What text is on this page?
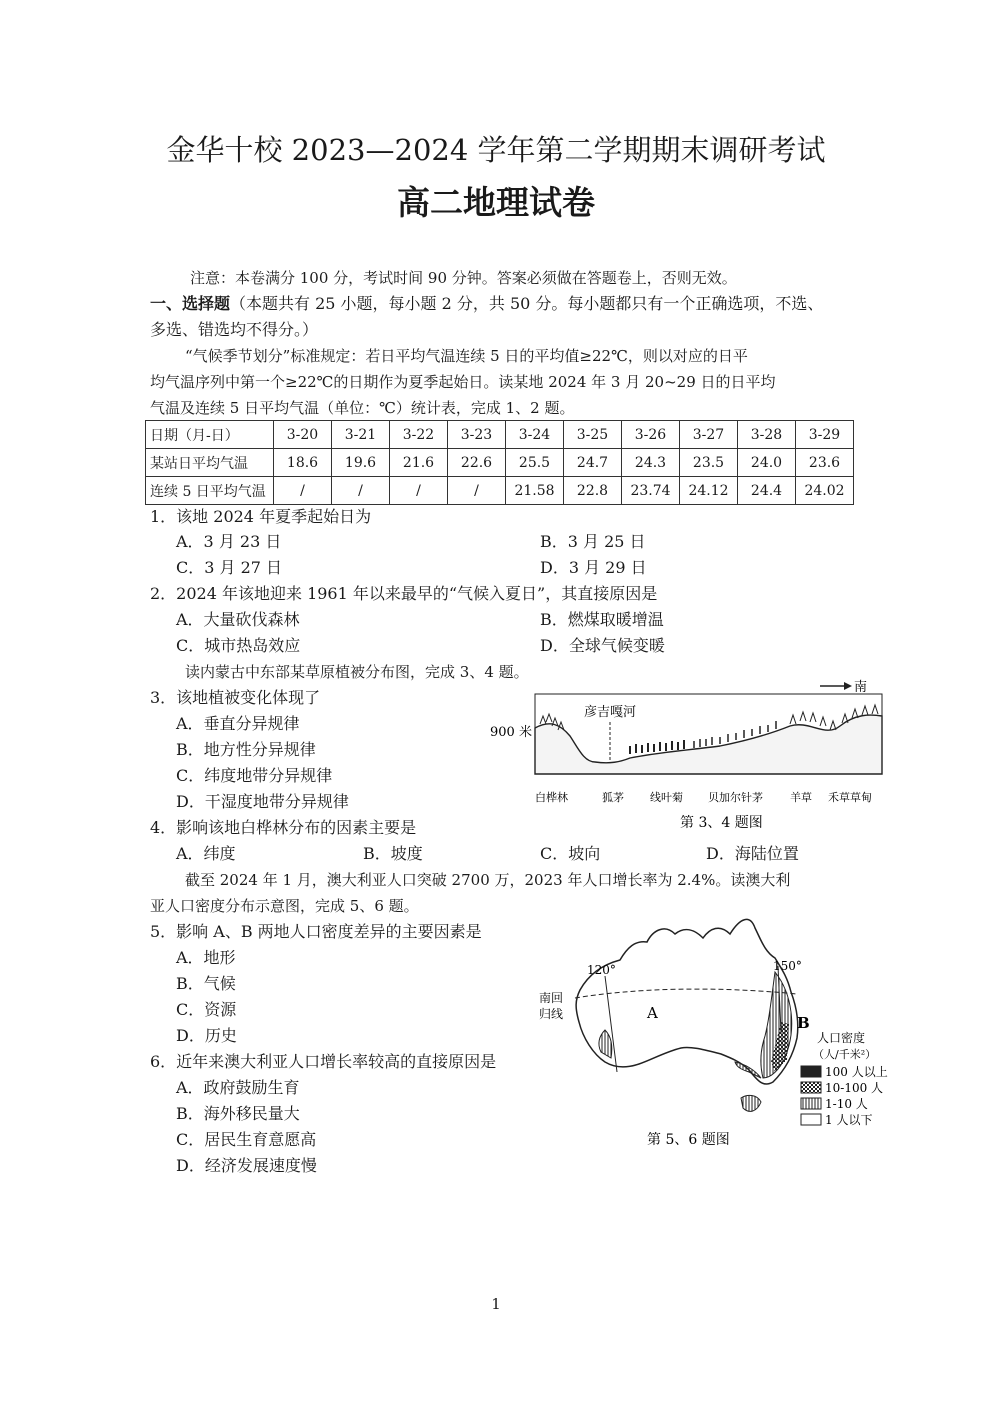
金华十校 2023—2024 学年第二学期期末调研考试
高二地理试卷
注意：本卷满分 100 分，考试时间 90 分钟。答案必须做在答题卷上，否则无效。
一、选择题（本题共有 25 小题，每小题 2 分，共 50 分。每小题都只有一个正确选项，不选、
多选、错选均不得分。）
“气候季节划分”标准规定：若日平均气温连续 5 日的平均值≥22℃，则以对应的日平
均气温序列中第一个≥22℃的日期作为夏季起始日。读某地 2024 年 3 月 20~29 日的日平均
气温及连续 5 日平均气温（单位：℃）统计表，完成 1、2 题。
日期（月-日）	3-20	3-21	3-22	3-23	3-24	3-25	3-26	3-27	3-28	3-29
某站日平均气温	18.6	19.6	21.6	22.6	25.5	24.7	24.3	23.5	24.0	23.6
连续 5 日平均气温	/	/	/	/	21.58	22.8	23.74	24.12	24.4	24.02
1．该地 2024 年夏季起始日为
A．3 月 23 日	B．3 月 25 日
C．3 月 27 日	D．3 月 29 日
2．2024 年该地迎来 1961 年以来最早的“气候入夏日”，其直接原因是
A．大量砍伐森林	B．燃煤取暖增温
C．城市热岛效应	D．全球气候变暖
读内蒙古中东部某草原植被分布图，完成 3、4 题。
3．该地植被变化体现了
A．垂直分异规律
B．地方性分异规律
C．纬度地带分异规律
D．干湿度地带分异规律
南
彦吉嘎河
900 米
白桦林	狐茅 线叶菊 贝加尔针茅 羊草 禾草草甸
第 3、4 题图
4．影响该地白桦林分布的因素主要是
A．纬度	B．坡度	C．坡向	D．海陆位置
截至 2024 年 1 月，澳大利亚人口突破 2700 万，2023 年人口增长率为 2.4%。读澳大利
亚人口密度分布示意图，完成 5、6 题。
5．影响 A、B 两地人口密度差异的主要因素是
A．地形
B．气候
C．资源
D．历史
6．近年来澳大利亚人口增长率较高的直接原因是
A．政府鼓励生育
B．海外移民量大
C．居民生育意愿高
D．经济发展速度慢
120°	150°
南回
归线	A
B
人口密度
（人/千米²）
100 人以上
10-100 人
1-10 人
1 人以下
第 5、6 题图
1
